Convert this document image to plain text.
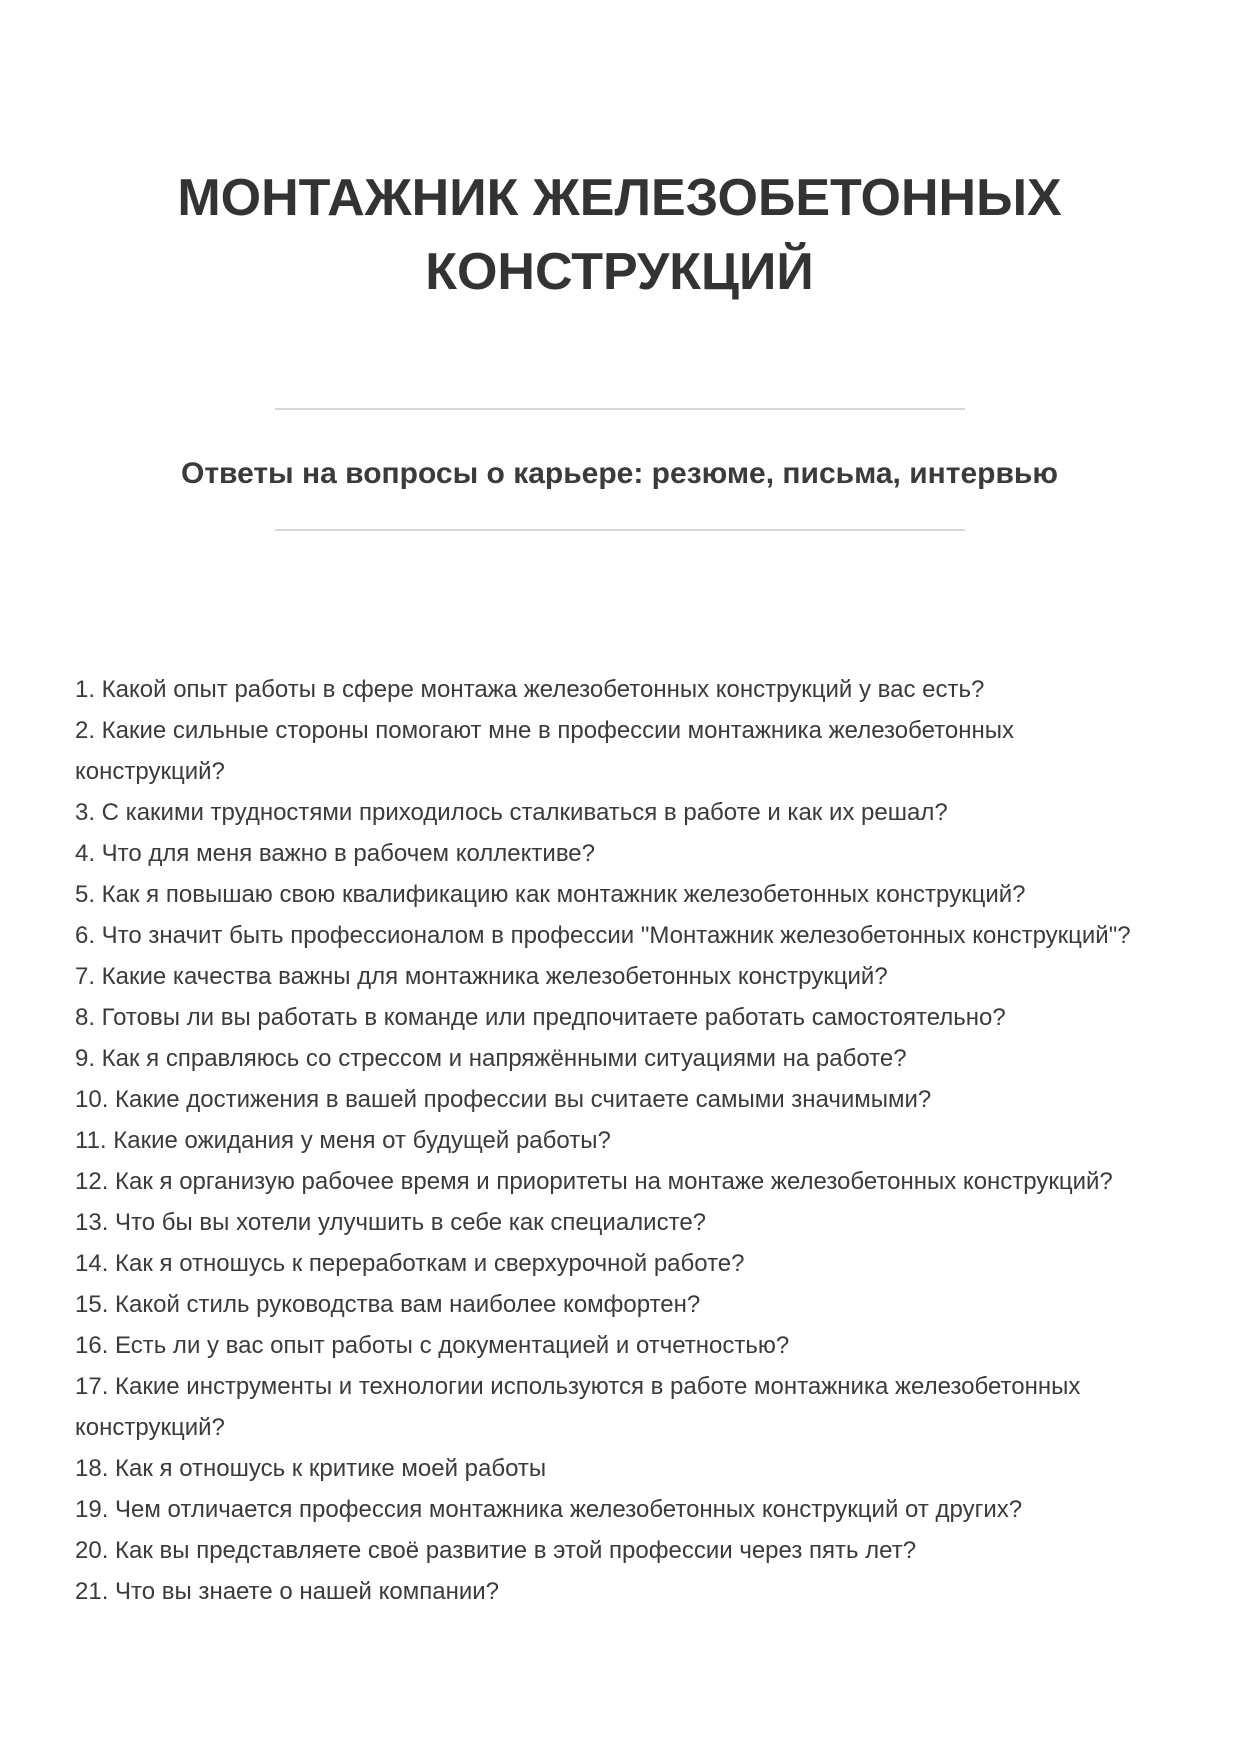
МОНТАЖНИК ЖЕЛЕЗОБЕТОННЫХ КОНСТРУКЦИЙ
Ответы на вопросы о карьере: резюме, письма, интервью

1. Какой опыт работы в сфере монтажа железобетонных конструкций у вас есть?

2. Какие сильные стороны помогают мне в профессии монтажника железобетонных конструкций?

3. С какими трудностями приходилось сталкиваться в работе и как их решал?

4. Что для меня важно в рабочем коллективе?

5. Как я повышаю свою квалификацию как монтажник железобетонных конструкций?

6. Что значит быть профессионалом в профессии "Монтажник железобетонных конструкций"?

7. Какие качества важны для монтажника железобетонных конструкций?

8. Готовы ли вы работать в команде или предпочитаете работать самостоятельно?

9. Как я справляюсь со стрессом и напряжёнными ситуациями на работе?

10. Какие достижения в вашей профессии вы считаете самыми значимыми?

11. Какие ожидания у меня от будущей работы?

12. Как я организую рабочее время и приоритеты на монтаже железобетонных конструкций?

13. Что бы вы хотели улучшить в себе как специалисте?

14. Как я отношусь к переработкам и сверхурочной работе?

15. Какой стиль руководства вам наиболее комфортен?

16. Есть ли у вас опыт работы с документацией и отчетностью?

17. Какие инструменты и технологии используются в работе монтажника железобетонных конструкций?

18. Как я отношусь к критике моей работы

19. Чем отличается профессия монтажника железобетонных конструкций от других?

20. Как вы представляете своё развитие в этой профессии через пять лет?

21. Что вы знаете о нашей компании?
